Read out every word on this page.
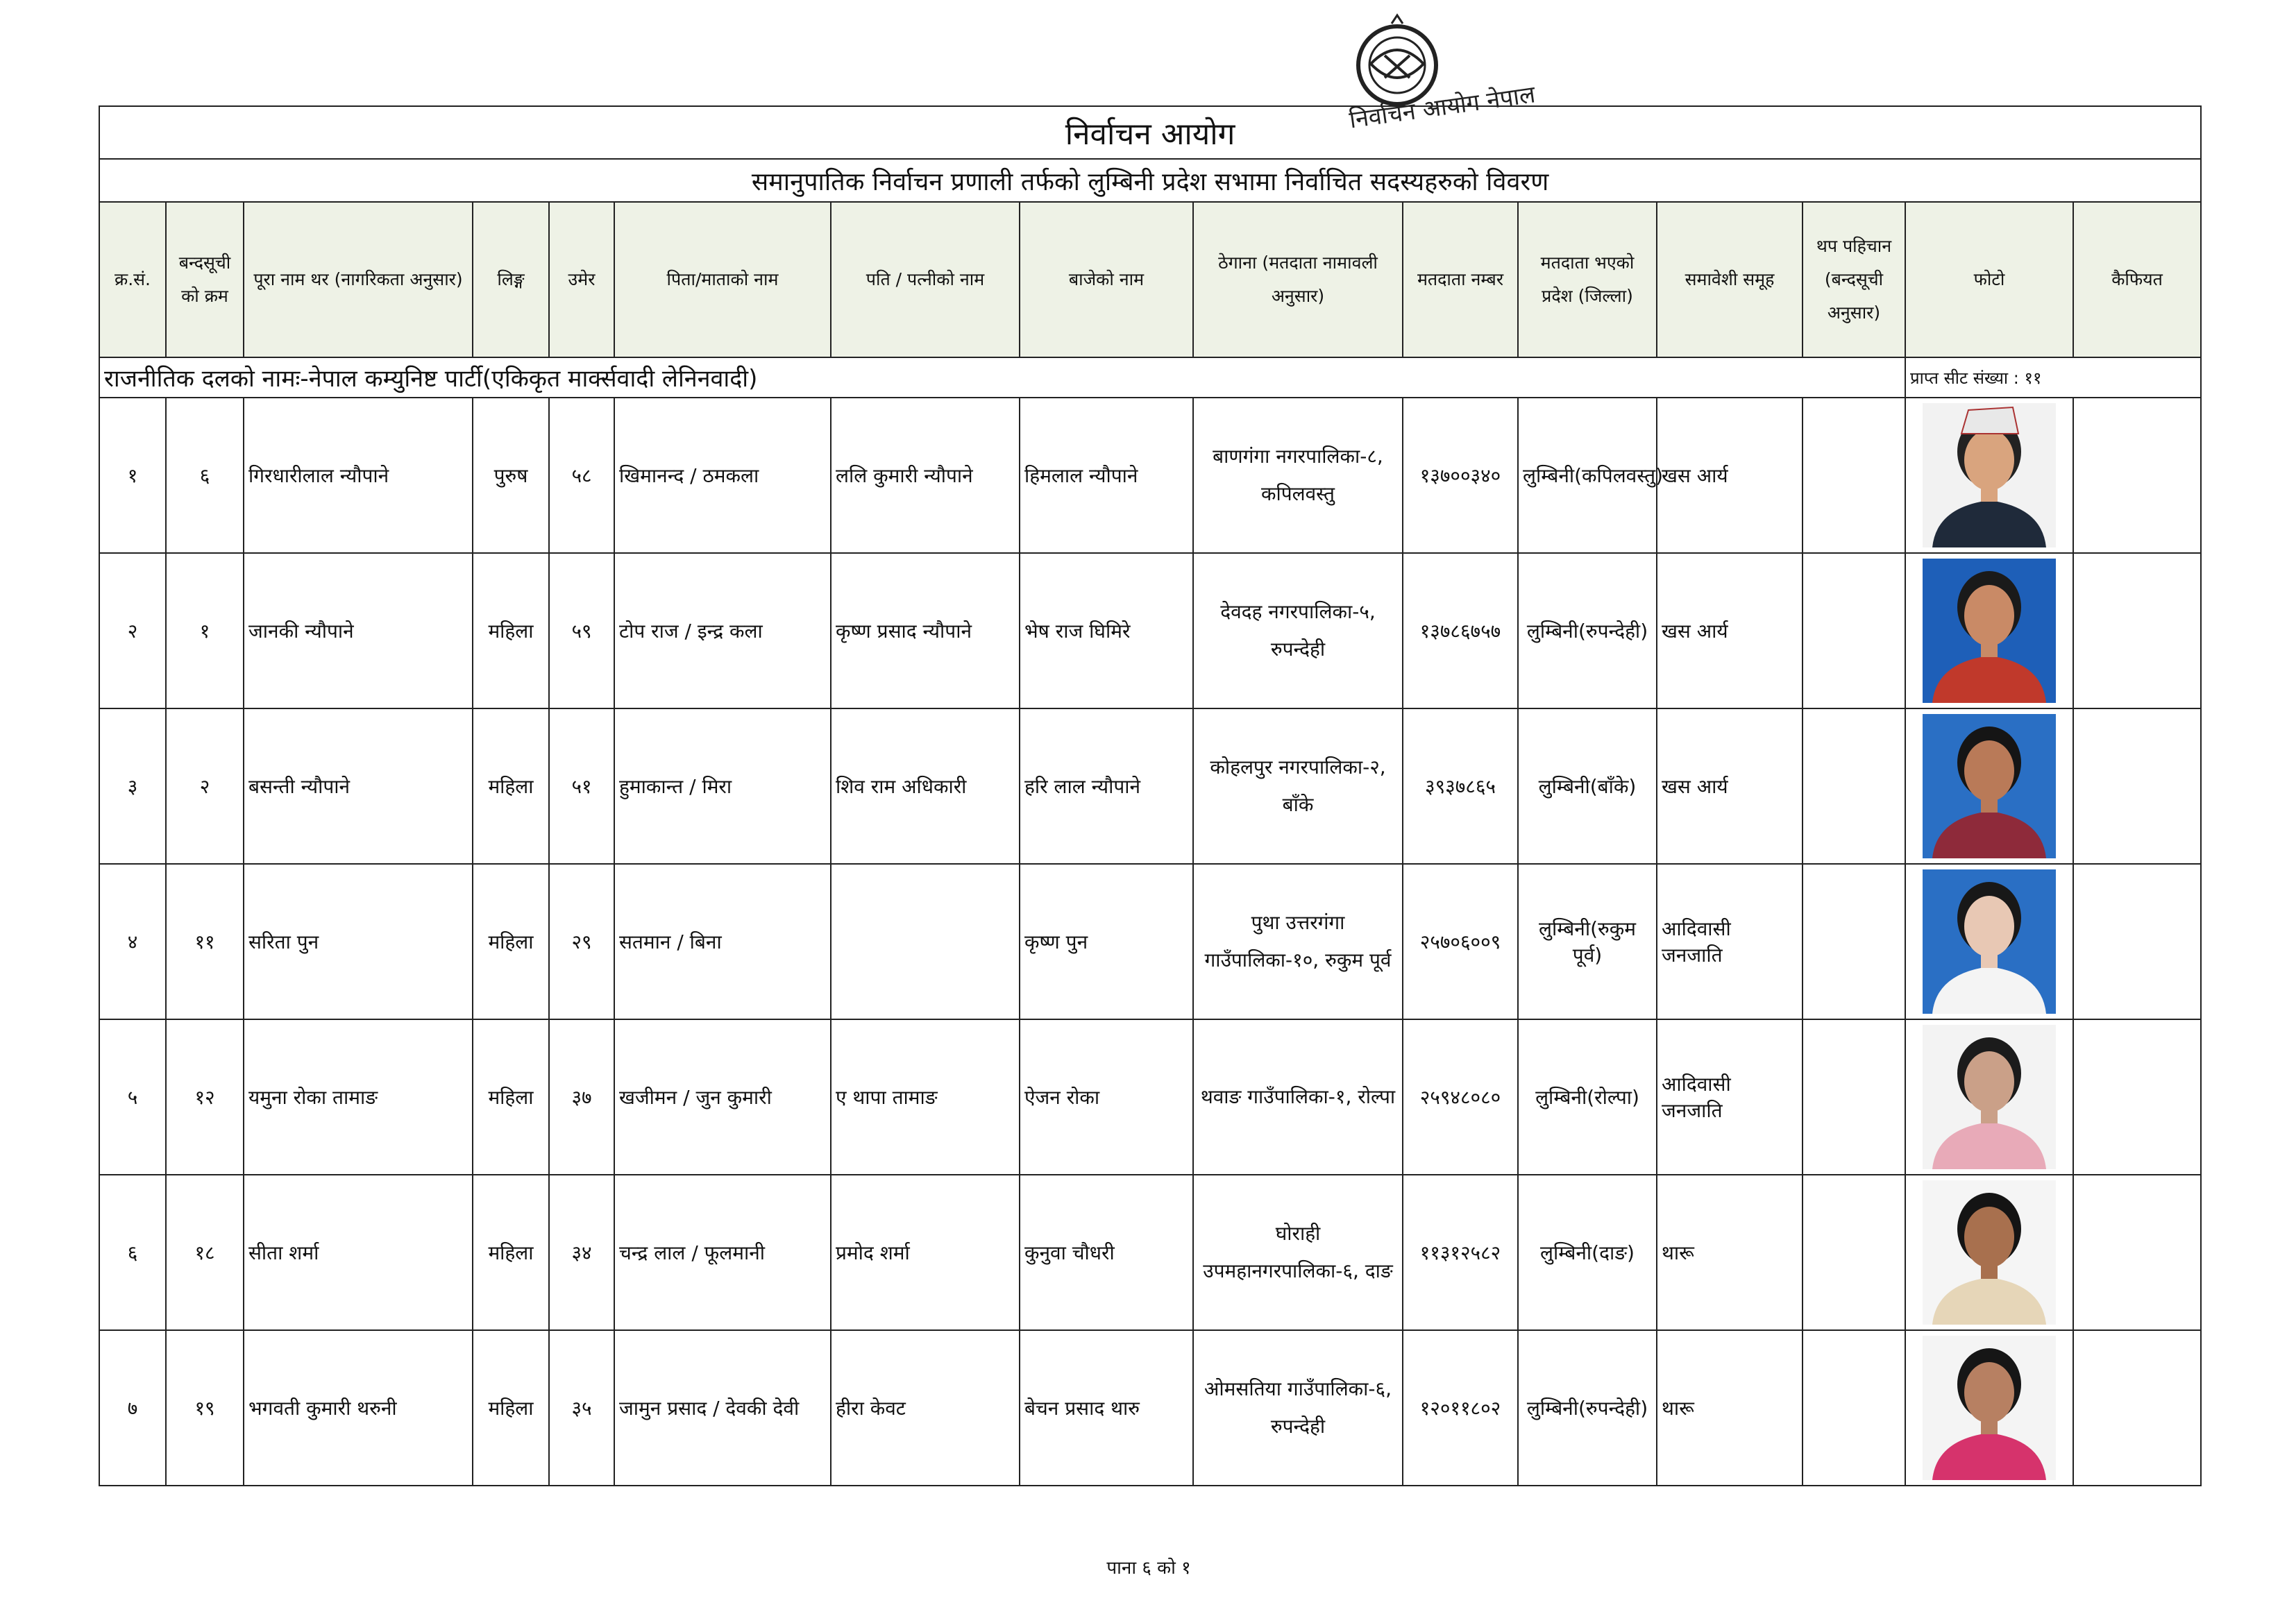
निर्वाचन आयोग नेपाल
निर्वाचन आयोग														
समानुपातिक निर्वाचन प्रणाली तर्फको लुम्बिनी प्रदेश सभामा निर्वाचित सदस्यहरुको विवरण														
क्र.सं.	बन्दसूची को क्रम	पूरा नाम थर (नागरिकता अनुसार)	लिङ्ग	उमेर	पिता/माताको नाम	पति / पत्नीको नाम	बाजेको नाम	ठेगाना (मतदाता नामावली अनुसार)	मतदाता नम्बर	मतदाता भएको प्रदेश (जिल्ला)	समावेशी समूह	थप पहिचान (बन्दसूची अनुसार)	फोटो	कैफियत
राजनीतिक दलको नामः-नेपाल कम्युनिष्ट पार्टी(एकिकृत मार्क्सवादी लेनिनवादी)													प्राप्त सीट संख्या : ११	
१	६	गिरधारीलाल न्यौपाने	पुरुष	५८	खिमानन्द / ठमकला	ललि कुमारी न्यौपाने	हिमलाल न्यौपाने	बाणगंगा नगरपालिका-८, कपिलवस्तु	१३७००३४०	लुम्बिनी(कपिलवस्तु)	खस आर्य		

२	१	जानकी न्यौपाने	महिला	५९	टोप राज / इन्द्र कला	कृष्ण प्रसाद न्यौपाने	भेष राज घिमिरे	देवदह नगरपालिका-५, रुपन्देही	१३७८६७५७	लुम्बिनी(रुपन्देही)	खस आर्य		

३	२	बसन्ती न्यौपाने	महिला	५१	हुमाकान्त / मिरा	शिव राम अधिकारी	हरि लाल न्यौपाने	कोहलपुर नगरपालिका-२, बाँके	३९३७८६५	लुम्बिनी(बाँके)	खस आर्य		

४	११	सरिता पुन	महिला	२९	सतमान / बिना		कृष्ण पुन	पुथा उत्तरगंगा गाउँपालिका-१०, रुकुम पूर्व	२५७०६००९	लुम्बिनी(रुकुम पूर्व)	आदिवासी जनजाति		

५	१२	यमुना रोका तामाङ	महिला	३७	खजीमन / जुन कुमारी	ए थापा तामाङ	ऐजन रोका	थवाङ गाउँपालिका-१, रोल्पा	२५९४८०८०	लुम्बिनी(रोल्पा)	आदिवासी जनजाति		

६	१८	सीता शर्मा	महिला	३४	चन्द्र लाल / फूलमानी	प्रमोद शर्मा	कुनुवा चौधरी	घोराही उपमहानगरपालिका-६, दाङ	११३१२५८२	लुम्बिनी(दाङ)	थारू		

७	१९	भगवती कुमारी थरुनी	महिला	३५	जामुन प्रसाद / देवकी देवी	हीरा केवट	बेचन प्रसाद थारु	ओमसतिया गाउँपालिका-६, रुपन्देही	१२०११८०२	लुम्बिनी(रुपन्देही)	थारू		

पाना ६ को १
